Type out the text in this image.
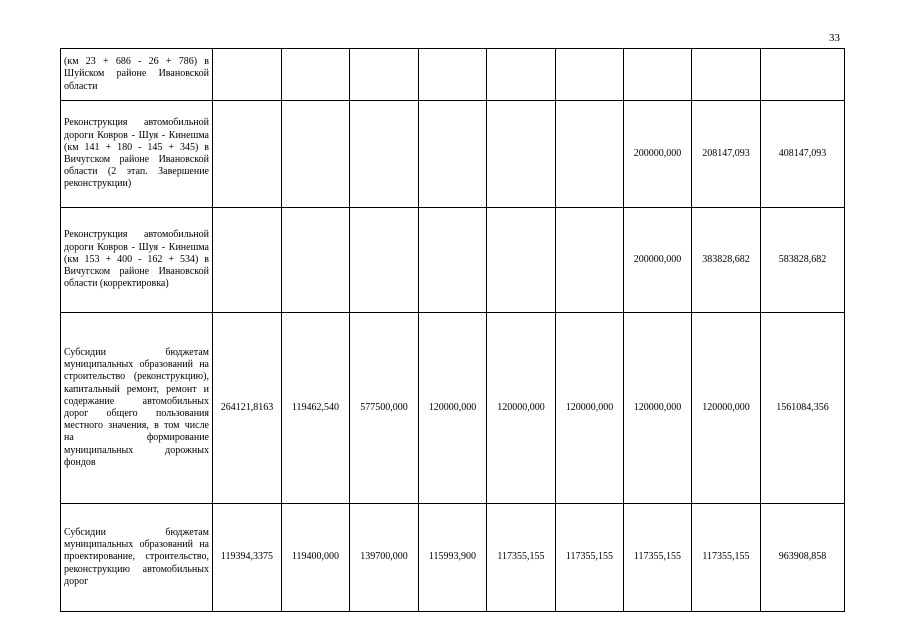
33
(км 23 + 686 - 26 + 786) в Шуйском районе Ивановской области									
Реконструкция автомобильной дороги Ковров - Шуя - Кинешма (км 141 + 180 - 145 + 345) в Вичугском районе Ивановской области (2 этап. Завершение реконструкции)							200000,000	208147,093	408147,093
Реконструкция автомобильной дороги Ковров - Шуя - Кинешма (км 153 + 400 - 162 + 534) в Вичугском районе Ивановской области (корректировка)							200000,000	383828,682	583828,682
Субсидии бюджетам муниципальных образований на строительство (реконструкцию), капитальный ремонт, ремонт и содержание автомобильных дорог общего пользования местного значения, в том числе на формирование муниципальных дорожных фондов	264121,8163	119462,540	577500,000	120000,000	120000,000	120000,000	120000,000	120000,000	1561084,356
Субсидии бюджетам муниципальных образований на проектирование, строительство, реконструкцию автомобильных дорог	119394,3375	119400,000	139700,000	115993,900	117355,155	117355,155	117355,155	117355,155	963908,858
